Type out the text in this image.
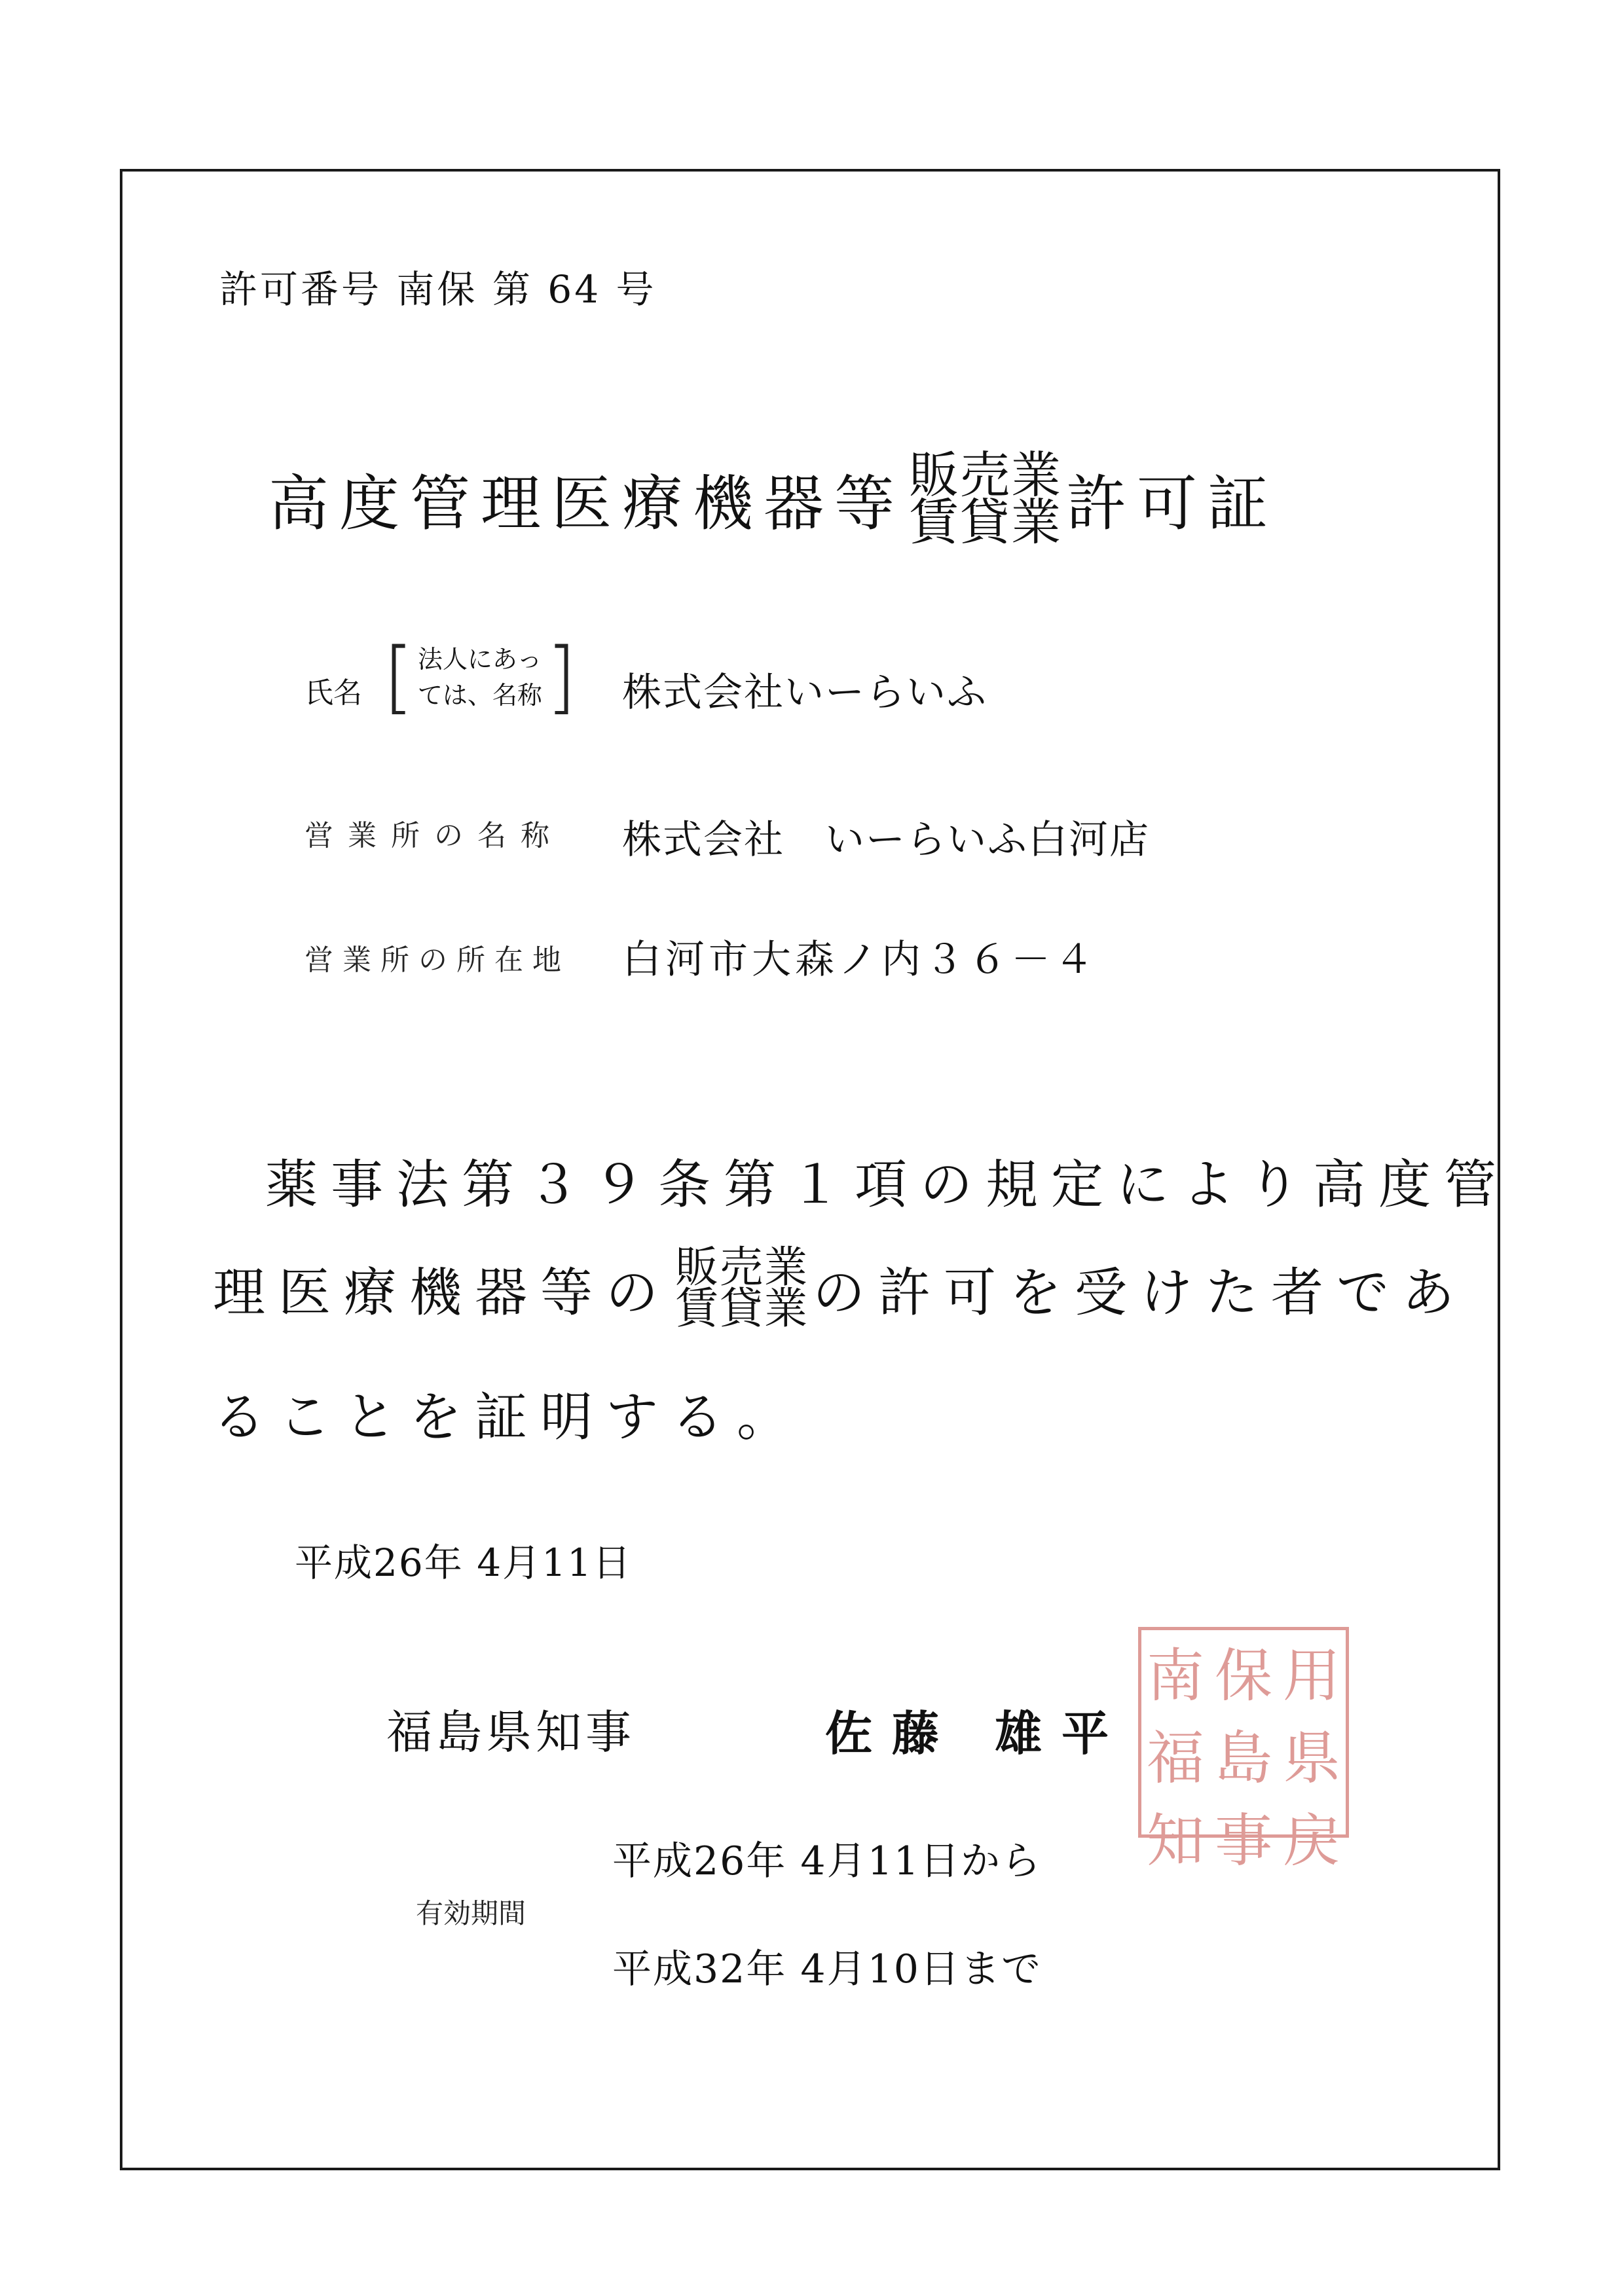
許可番号 南保 第 64 号
高度管理医療機器等 販売業
賃貸業 許可証
氏名 [ 法人にあっ
ては、名称 ] 株式会社いーらいふ
営業所の名称 株式会社　いーらいふ白河店
営業所の所在地 白河市大森ノ内３６－４
薬事法第３９条第１項の規定により高度管
理医療機器等の 販売業
賃貸業 の許可を受けた者であ
ることを証明する。
平成26年 4月11日
福島県知事	佐藤 雄平
南 保 用
福 島 県
知 事 戻
有効期間
平成26年 4月11日から
平成32年 4月10日まで
